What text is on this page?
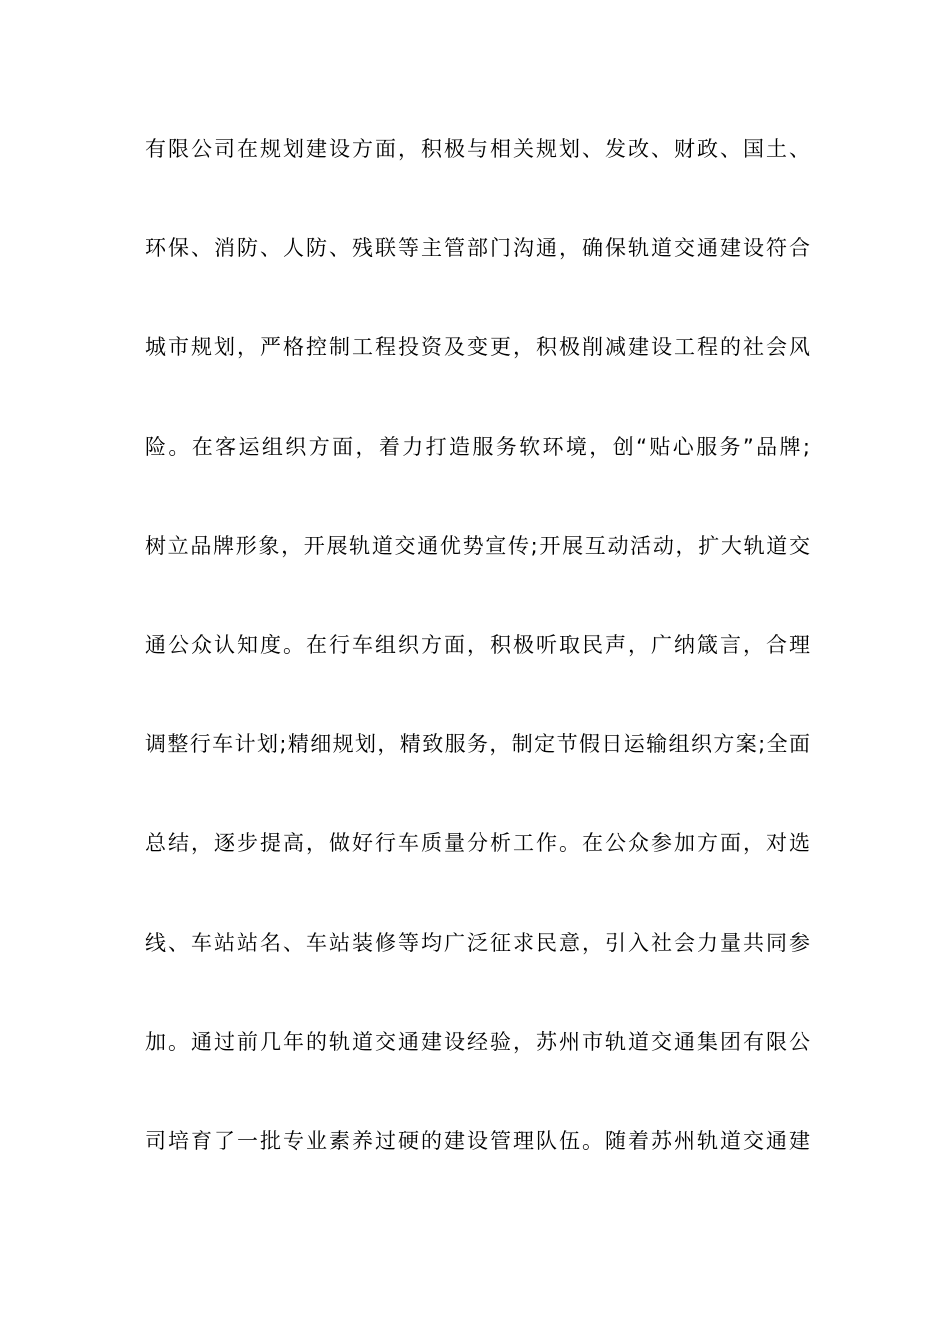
有限公司在规划建设方面，积极与相关规划、发改、财政、国土、
环保、消防、人防、残联等主管部门沟通，确保轨道交通建设符合
城市规划，严格控制工程投资及变更，积极削减建设工程的社会风
险。在客运组织方面，着力打造服务软环境，创“贴心服务”品牌;
树立品牌形象，开展轨道交通优势宣传;开展互动活动，扩大轨道交
通公众认知度。在行车组织方面，积极听取民声，广纳箴言，合理
调整行车计划;精细规划，精致服务，制定节假日运输组织方案;全面
总结，逐步提高，做好行车质量分析工作。在公众参加方面，对选
线、车站站名、车站装修等均广泛征求民意，引入社会力量共同参
加。通过前几年的轨道交通建设经验，苏州市轨道交通集团有限公
司培育了一批专业素养过硬的建设管理队伍。随着苏州轨道交通建
